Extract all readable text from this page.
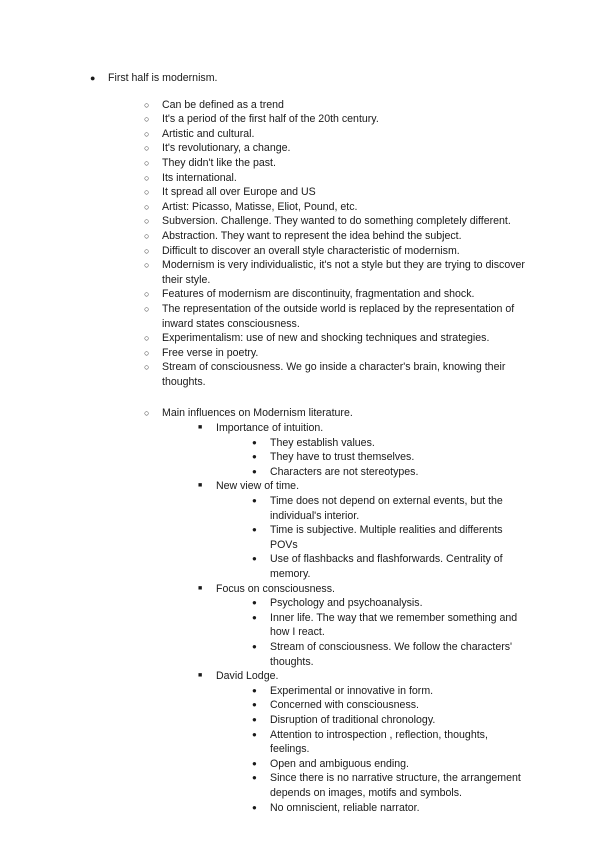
●	First half is modernism.
○	Can be defined as a trend
○	It's a period of the first half of the 20th century.
○	Artistic and cultural.
○	It's revolutionary, a change.
○	They didn't like the past.
○	Its international.
○	It spread all over Europe and US
○	Artist: Picasso, Matisse, Eliot, Pound, etc.
○	Subversion. Challenge. They wanted to do something completely different.
○	Abstraction. They want to represent the idea behind the subject.
○	Difficult to discover an overall style characteristic of modernism.
○	Modernism is very individualistic, it's not a style but they are trying to discover their style.
○	Features of modernism are discontinuity, fragmentation and shock.
○	The representation of the outside world is replaced by the representation of inward states consciousness.
○	Experimentalism: use of new and shocking techniques and strategies.
○	Free verse in poetry.
○	Stream of consciousness. We go inside a character's brain, knowing their thoughts.
○	Main influences on Modernism literature.
■	Importance of intuition.
●	They establish values.
●	They have to trust themselves.
●	Characters are not stereotypes.
■	New view of time.
●	Time does not depend on external events, but the individual's interior.
●	Time is subjective. Multiple realities and differents POVs
●	Use of flashbacks and flashforwards. Centrality of memory.
■	Focus on consciousness.
●	Psychology and psychoanalysis.
●	Inner life. The way that we remember something and how I react.
●	Stream of consciousness. We follow the characters' thoughts.
■	David Lodge.
●	Experimental or innovative in form.
●	Concerned with consciousness.
●	Disruption of traditional chronology.
●	Attention to introspection , reflection, thoughts, feelings.
●	Open and ambiguous ending.
●	Since there is no narrative structure, the arrangement depends on images, motifs and symbols.
●	No omniscient, reliable narrator.
